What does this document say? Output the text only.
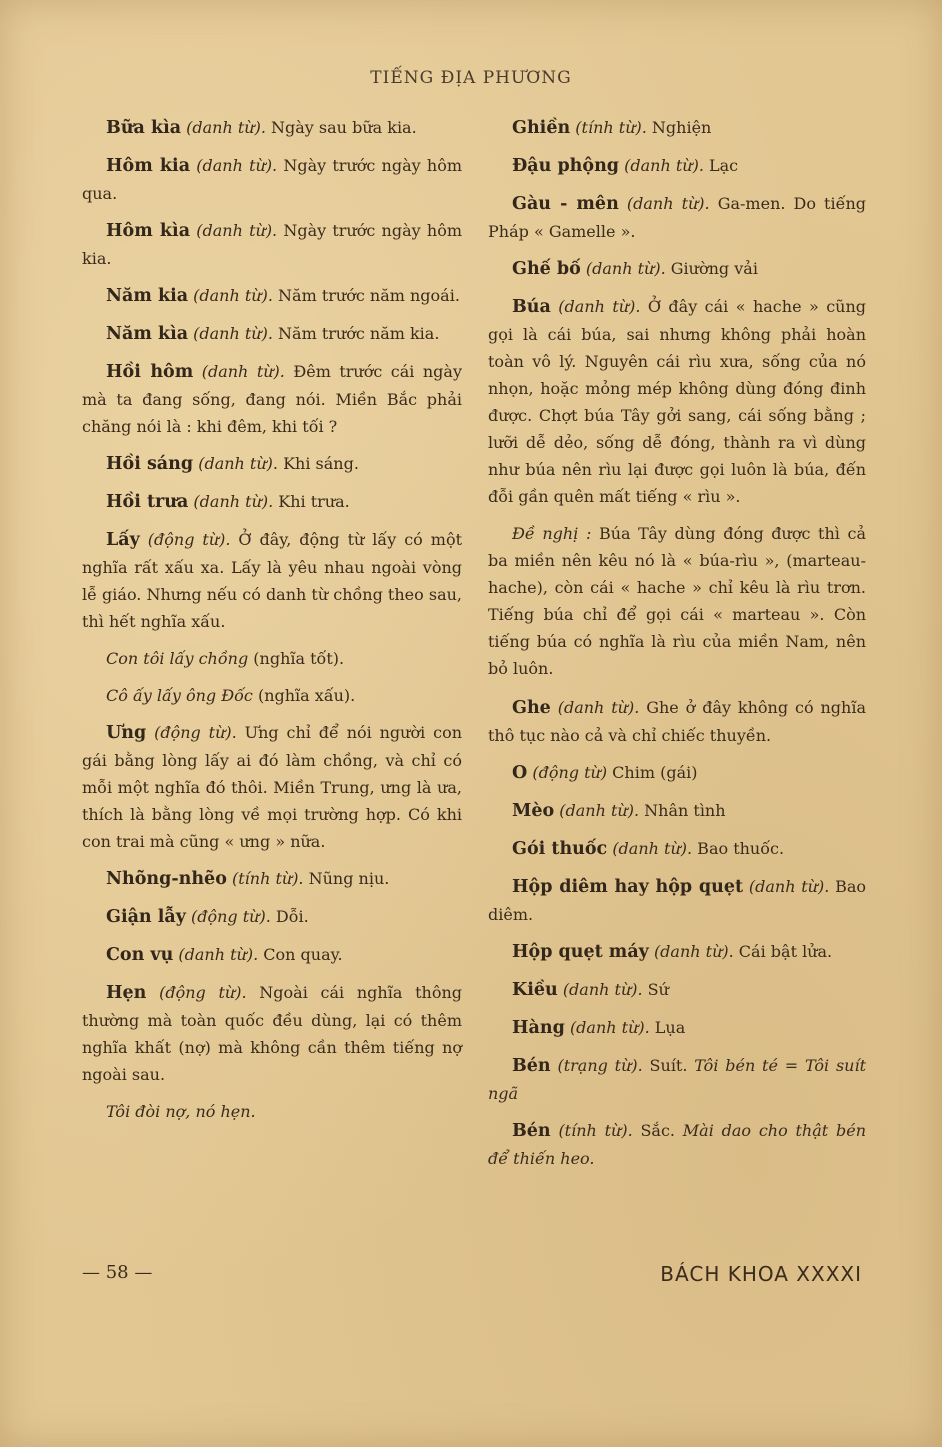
TIẾNG ĐỊA PHƯƠNG
Bữa kìa (danh từ). Ngày sau bữa kia.
Hôm kia (danh từ). Ngày trước ngày hôm qua.
Hôm kìa (danh từ). Ngày trước ngày hôm kia.
Năm kia (danh từ). Năm trước năm ngoái.
Năm kìa (danh từ). Năm trước năm kia.
Hồi hôm (danh từ). Đêm trước cái ngày mà ta đang sống, đang nói. Miền Bắc phải chăng nói là : khi đêm, khi tối ?
Hồi sáng (danh từ). Khi sáng.
Hồi trưa (danh từ). Khi trưa.
Lấy (động từ). Ở đây, động từ lấy có một nghĩa rất xấu xa. Lấy là yêu nhau ngoài vòng lễ giáo. Nhưng nếu có danh từ chồng theo sau, thì hết nghĩa xấu.
Con tôi lấy chồng (nghĩa tốt).
Cô ấy lấy ông Đốc (nghĩa xấu).
Ưng (động từ). Ưng chỉ để nói người con gái bằng lòng lấy ai đó làm chồng, và chỉ có mỗi một nghĩa đó thôi. Miền Trung, ưng là ưa, thích là bằng lòng về mọi trường hợp. Có khi con trai mà cũng « ưng » nữa.
Nhõng-nhẽo (tính từ). Nũng nịu.
Giận lẫy (động từ). Dỗi.
Con vụ (danh từ). Con quay.
Hẹn (động từ). Ngoài cái nghĩa thông thường mà toàn quốc đều dùng, lại có thêm nghĩa khất (nợ) mà không cần thêm tiếng nợ ngoài sau.
Tôi đòi nợ, nó hẹn.
Ghiền (tính từ). Nghiện
Đậu phộng (danh từ). Lạc
Gàu - mên (danh từ). Ga-men. Do tiếng Pháp « Gamelle ».
Ghế bố (danh từ). Giường vải
Búa (danh từ). Ở đây cái « hache » cũng gọi là cái búa, sai nhưng không phải hoàn toàn vô lý. Nguyên cái rìu xưa, sống của nó nhọn, hoặc mỏng mép không dùng đóng đinh được. Chợt búa Tây gởi sang, cái sống bằng ; lưỡi dễ dẻo, sống dễ đóng, thành ra vì dùng như búa nên rìu lại được gọi luôn là búa, đến đỗi gần quên mất tiếng « rìu ».
Đề nghị : Búa Tây dùng đóng được thì cả ba miền nên kêu nó là « búa-rìu », (marteau-hache), còn cái « hache » chỉ kêu là rìu trơn. Tiếng búa chỉ để gọi cái « marteau ». Còn tiếng búa có nghĩa là rìu của miền Nam, nên bỏ luôn.
Ghe (danh từ). Ghe ở đây không có nghĩa thô tục nào cả và chỉ chiếc thuyền.
O (động từ) Chim (gái)
Mèo (danh từ). Nhân tình
Gói thuốc (danh từ). Bao thuốc.
Hộp diêm hay hộp quẹt (danh từ). Bao diêm.
Hộp quẹt máy (danh từ). Cái bật lửa.
Kiều (danh từ). Sứ
Hàng (danh từ). Lụa
Bén (trạng từ). Suít. Tôi bén té = Tôi suít ngã
Bén (tính từ). Sắc. Mài dao cho thật bén để thiến heo.
— 58 —	BÁCH KHOA XXXXI
